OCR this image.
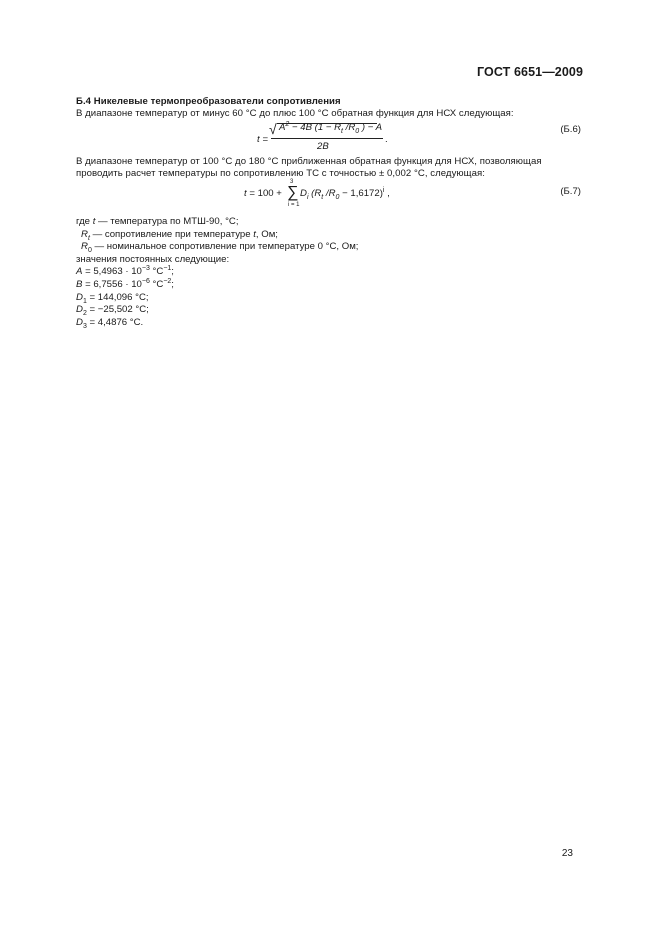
ГОСТ 6651—2009
Б.4 Никелевые термопреобразователи сопротивления
В диапазоне температур от минус 60 °С до плюс 100 °С обратная функция для НСХ следующая:
t =
√ $A^2 - 4B$ ($1 - R_t$ $/R_0$ ) − A
2B
.
(Б.6)
В диапазоне температур от 100 °С до 180 °С приближенная обратная функция для НСХ, позволяющая проводить расчет температуры по сопротивлению ТС с точностью ± 0,002 °С, следующая:
t = 100 +
3
∑
i = 1
$D_i$ ($R_t$ $/R_0 - 1,6172)^i$ ,	(Б.7)
где t — температура по МТШ-90, °С;
$R_t$ — сопротивление при температуре t, Ом;
$R_0$ — номинальное сопротивление при температуре 0 °С, Ом;
значения постоянных следующие:
$A = 5,4963 \cdot 10^{-3}$ $^\circ С^{-1}$;
$B = 6,7556 \cdot 10^{-6}$ $^\circ С^{-2}$;
$D_1 = 144,096$ °С;
$D_2 = -25,502$ °С;
$D_3 = 4,4876$ °С.
23
